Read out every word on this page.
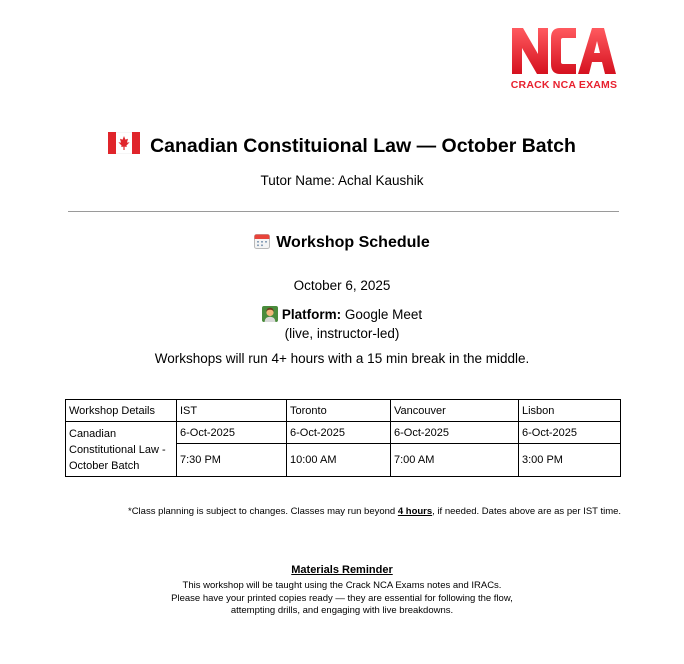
CRACK NCA EXAMS
Canadian Constituional Law — October Batch
Tutor Name: Achal Kaushik
Workshop Schedule
October 6, 2025
Platform: Google Meet
(live, instructor-led)
Workshops will run 4+ hours with a 15 min break in the middle.
Workshop Details	IST	Toronto	Vancouver	Lisbon
Canadian Constitutional Law - October Batch	6-Oct-2025	6-Oct-2025	6-Oct-2025	6-Oct-2025
	7:30 PM	10:00 AM	7:00 AM	3:00 PM
*Class planning is subject to changes. Classes may run beyond 4 hours, if needed. Dates above are as per IST time.
Materials Reminder
This workshop will be taught using the Crack NCA Exams notes and IRACs.
Please have your printed copies ready — they are essential for following the flow,
attempting drills, and engaging with live breakdowns.
